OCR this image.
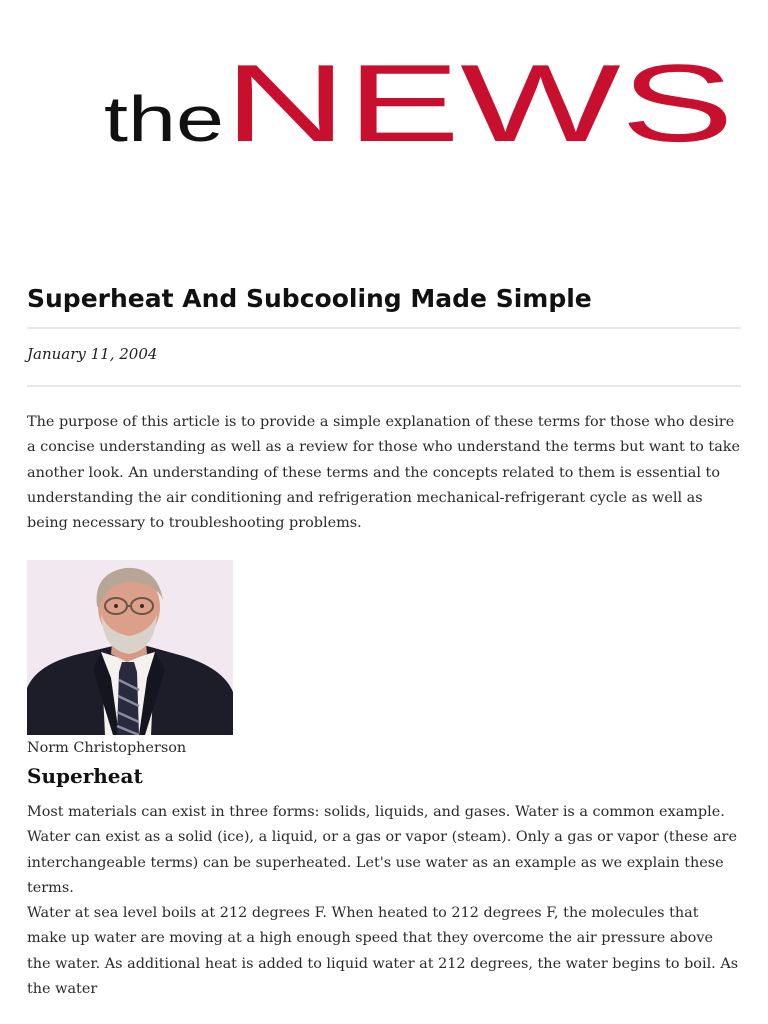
the NEWS
Superheat And Subcooling Made Simple
January 11, 2004

The purpose of this article is to provide a simple explanation of these terms for those who desire a concise understanding as well as a review for those who understand the terms but want to take another look. An understanding of these terms and the concepts related to them is essential to understanding the air conditioning and refrigeration mechanical-refrigerant cycle as well as being necessary to troubleshooting problems.

Norm Christopherson
Superheat

Most materials can exist in three forms: solids, liquids, and gases. Water is a common example. Water can exist as a solid (ice), a liquid, or a gas or vapor (steam). Only a gas or vapor (these are interchangeable terms) can be superheated. Let's use water as an example as we explain these terms.

Water at sea level boils at 212 degrees F. When heated to 212 degrees F, the molecules that make up water are moving at a high enough speed that they overcome the air pressure above the water. As additional heat is added to liquid water at 212 degrees, the water begins to boil. As the water
